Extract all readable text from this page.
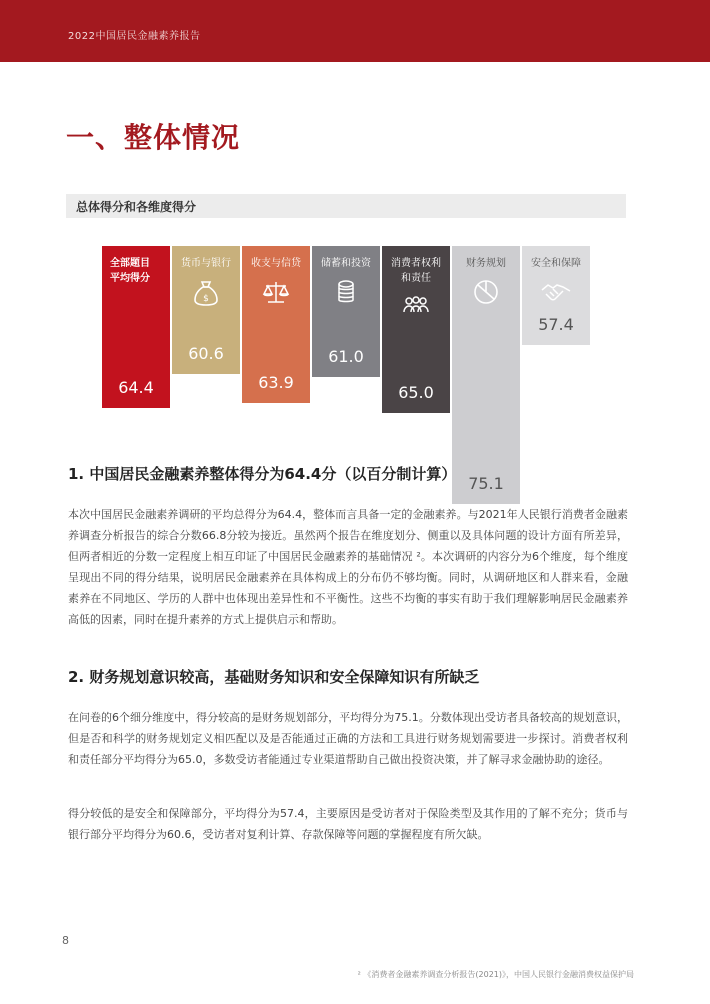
2022中国居民金融素养报告
一、整体情况
总体得分和各维度得分
全部题目
平均得分
64.4
货币与银行
$
60.6
收支与信贷
63.9
储蓄和投资
61.0
消费者权利
和责任
65.0
财务规划
75.1
安全和保障
57.4
1. 中国居民金融素养整体得分为64.4分（以百分制计算）
本次中国居民金融素养调研的平均总得分为64.4，整体而言具备一定的金融素养。与2021年人民银行消费者金融素养调查分析报告的综合分数66.8分较为接近。虽然两个报告在维度划分、侧重以及具体问题的设计方面有所差异，但两者相近的分数一定程度上相互印证了中国居民金融素养的基础情况 ²。本次调研的内容分为6个维度，每个维度呈现出不同的得分结果，说明居民金融素养在具体构成上的分布仍不够均衡。同时，从调研地区和人群来看，金融素养在不同地区、学历的人群中也体现出差异性和不平衡性。这些不均衡的事实有助于我们理解影响居民金融素养高低的因素，同时在提升素养的方式上提供启示和帮助。
2. 财务规划意识较高，基础财务知识和安全保障知识有所缺乏
在问卷的6个细分维度中，得分较高的是财务规划部分，平均得分为75.1。分数体现出受访者具备较高的规划意识，但是否和科学的财务规划定义相匹配以及是否能通过正确的方法和工具进行财务规划需要进一步探讨。消费者权利和责任部分平均得分为65.0，多数受访者能通过专业渠道帮助自己做出投资决策，并了解寻求金融协助的途径。
得分较低的是安全和保障部分，平均得分为57.4，主要原因是受访者对于保险类型及其作用的了解不充分；货币与银行部分平均得分为60.6，受访者对复利计算、存款保障等问题的掌握程度有所欠缺。
8
² 《消费者金融素养调查分析报告(2021)》，中国人民银行金融消费权益保护局
